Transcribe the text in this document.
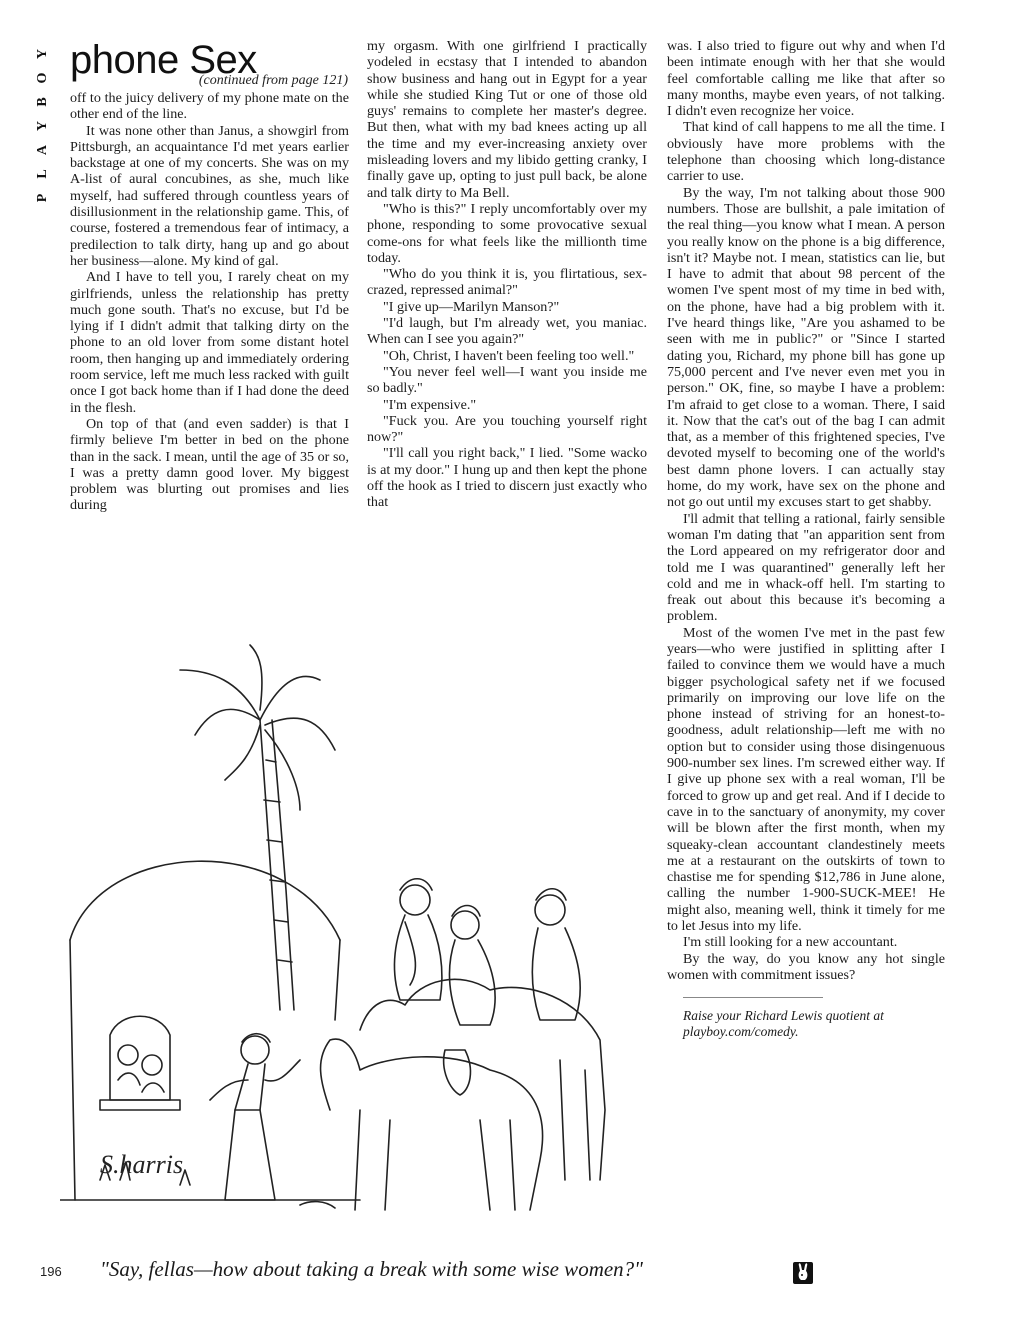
Y
O
B
Y
A
L
P
phone Sex
(continued from page 121)

off to the juicy delivery of my phone mate on the other end of the line.

It was none other than Janus, a showgirl from Pittsburgh, an acquaintance I'd met years earlier backstage at one of my concerts. She was on my A-list of aural concubines, as she, much like myself, had suffered through countless years of disillusionment in the relationship game. This, of course, fostered a tremendous fear of intimacy, a predilection to talk dirty, hang up and go about her business—alone. My kind of gal.

And I have to tell you, I rarely cheat on my girlfriends, unless the relationship has pretty much gone south. That's no excuse, but I'd be lying if I didn't admit that talking dirty on the phone to an old lover from some distant hotel room, then hanging up and immediately ordering room service, left me much less racked with guilt once I got back home than if I had done the deed in the flesh.

On top of that (and even sadder) is that I firmly believe I'm better in bed on the phone than in the sack. I mean, until the age of 35 or so, I was a pretty damn good lover. My biggest problem was blurting out promises and lies during

my orgasm. With one girlfriend I practically yodeled in ecstasy that I intended to abandon show business and hang out in Egypt for a year while she studied King Tut or one of those old guys' remains to complete her master's degree. But then, what with my bad knees acting up all the time and my ever-increasing anxiety over misleading lovers and my libido getting cranky, I finally gave up, opting to just pull back, be alone and talk dirty to Ma Bell.

"Who is this?" I reply uncomfortably over my phone, responding to some provocative sexual come-ons for what feels like the millionth time today.

"Who do you think it is, you flirtatious, sex-crazed, repressed animal?"

"I give up—Marilyn Manson?"

"I'd laugh, but I'm already wet, you maniac. When can I see you again?"

"Oh, Christ, I haven't been feeling too well."

"You never feel well—I want you inside me so badly."

"I'm expensive."

"Fuck you. Are you touching yourself right now?"

"I'll call you right back," I lied. "Some wacko is at my door." I hung up and then kept the phone off the hook as I tried to discern just exactly who that

was. I also tried to figure out why and when I'd been intimate enough with her that she would feel comfortable calling me like that after so many months, maybe even years, of not talking. I didn't even recognize her voice.

That kind of call happens to me all the time. I obviously have more problems with the telephone than choosing which long-distance carrier to use.

By the way, I'm not talking about those 900 numbers. Those are bullshit, a pale imitation of the real thing—you know what I mean. A person you really know on the phone is a big difference, isn't it? Maybe not. I mean, statistics can lie, but I have to admit that about 98 percent of the women I've spent most of my time in bed with, on the phone, have had a big problem with it. I've heard things like, "Are you ashamed to be seen with me in public?" or "Since I started dating you, Richard, my phone bill has gone up 75,000 percent and I've never even met you in person." OK, fine, so maybe I have a problem: I'm afraid to get close to a woman. There, I said it. Now that the cat's out of the bag I can admit that, as a member of this frightened species, I've devoted myself to becoming one of the world's best damn phone lovers. I can actually stay home, do my work, have sex on the phone and not go out until my excuses start to get shabby.

I'll admit that telling a rational, fairly sensible woman I'm dating that "an apparition sent from the Lord appeared on my refrigerator door and told me I was quarantined" generally left her cold and me in whack-off hell. I'm starting to freak out about this because it's becoming a problem.

Most of the women I've met in the past few years—who were justified in splitting after I failed to convince them we would have a much bigger psychological safety net if we focused primarily on improving our love life on the phone instead of striving for an honest-to-goodness, adult relationship—left me with no option but to consider using those disingenuous 900-number sex lines. I'm screwed either way. If I give up phone sex with a real woman, I'll be forced to grow up and get real. And if I decide to cave in to the sanctuary of anonymity, my cover will be blown after the first month, when my squeaky-clean accountant clandestinely meets me at a restaurant on the outskirts of town to chastise me for spending $12,786 in June alone, calling the number 1-900-SUCK-MEE! He might also, meaning well, think it timely for me to let Jesus into my life.

I'm still looking for a new accountant.

By the way, do you know any hot single women with commitment issues?

Raise your Richard Lewis quotient at playboy.com/comedy.
S.harris
196 "Say, fellas—how about taking a break with some wise women?"
